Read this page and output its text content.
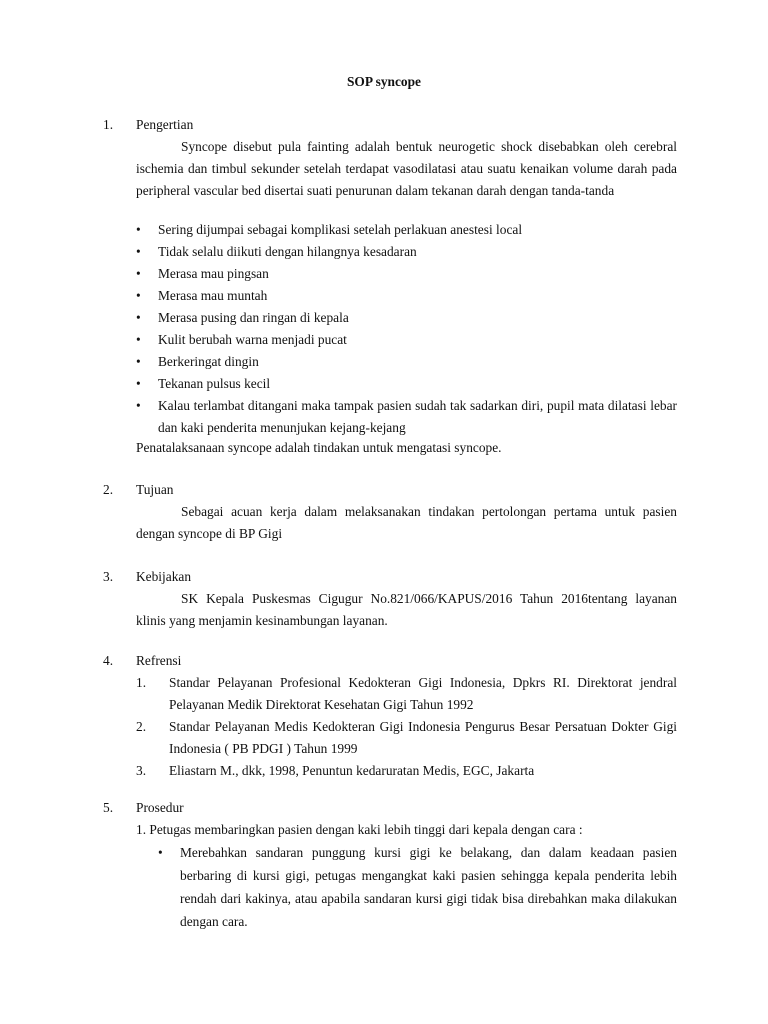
SOP syncope
1. Pengertian
Syncope disebut pula fainting adalah bentuk neurogetic shock disebabkan oleh cerebral ischemia dan timbul sekunder setelah terdapat vasodilatasi atau suatu kenaikan volume darah pada peripheral vascular bed disertai suati penurunan dalam tekanan darah dengan tanda-tanda
• Sering dijumpai sebagai komplikasi setelah perlakuan anestesi local
• Tidak selalu diikuti dengan hilangnya kesadaran
• Merasa mau pingsan
• Merasa mau muntah
• Merasa pusing dan ringan di kepala
• Kulit berubah warna menjadi pucat
• Berkeringat dingin
• Tekanan pulsus kecil
• Kalau terlambat ditangani maka tampak pasien sudah tak sadarkan diri, pupil mata dilatasi lebar dan kaki penderita menunjukan kejang-kejang
Penatalaksanaan syncope adalah tindakan untuk mengatasi syncope.
2. Tujuan
Sebagai acuan kerja dalam melaksanakan tindakan pertolongan pertama untuk pasien dengan syncope di BP Gigi
3. Kebijakan
SK Kepala Puskesmas Cigugur No.821/066/KAPUS/2016 Tahun 2016tentang layanan klinis yang menjamin kesinambungan layanan.
4. Refrensi
1. Standar Pelayanan Profesional Kedokteran Gigi Indonesia, Dpkrs RI. Direktorat jendral Pelayanan Medik Direktorat Kesehatan Gigi Tahun 1992
2. Standar Pelayanan Medis Kedokteran Gigi Indonesia Pengurus Besar Persatuan Dokter Gigi Indonesia ( PB PDGI ) Tahun 1999
3. Eliastarn M., dkk, 1998, Penuntun kedaruratan Medis, EGC, Jakarta
5. Prosedur
1. Petugas membaringkan pasien dengan kaki lebih tinggi dari kepala dengan cara :
• Merebahkan sandaran punggung kursi gigi ke belakang, dan dalam keadaan pasien berbaring di kursi gigi, petugas mengangkat kaki pasien sehingga kepala penderita lebih rendah dari kakinya, atau apabila sandaran kursi gigi tidak bisa direbahkan maka dilakukan dengan cara.
